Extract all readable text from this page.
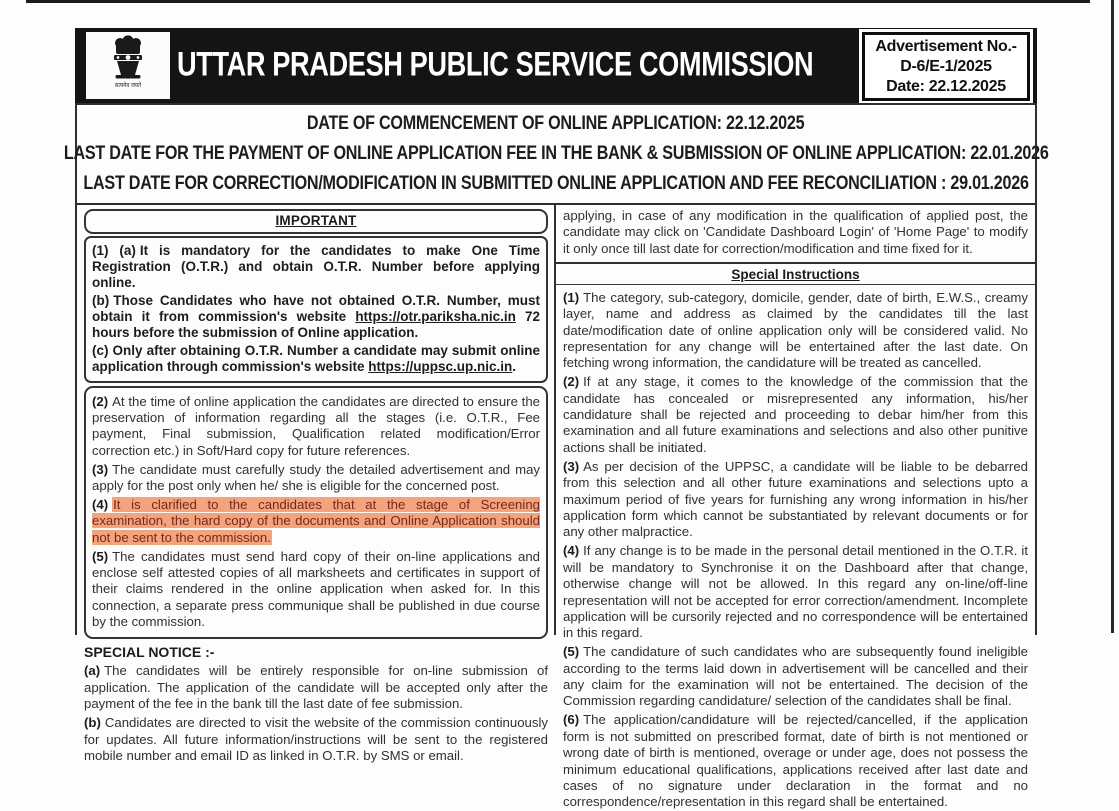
सत्यमेव जयते
UTTAR PRADESH PUBLIC SERVICE COMMISSION	Advertisement No.-
D-6/E-1/2025
Date: 22.12.2025
DATE OF COMMENCEMENT OF ONLINE APPLICATION: 22.12.2025
LAST DATE FOR THE PAYMENT OF ONLINE APPLICATION FEE IN THE BANK & SUBMISSION OF ONLINE APPLICATION: 22.01.2026
LAST DATE FOR CORRECTION/MODIFICATION IN SUBMITTED ONLINE APPLICATION AND FEE RECONCILIATION : 29.01.2026
IMPORTANT

(1) (a) It is mandatory for the candidates to make One Time Registration (O.T.R.) and obtain O.T.R. Number before applying online.

(b) Those Candidates who have not obtained O.T.R. Number, must obtain it from commission's website https://otr.pariksha.nic.in 72 hours before the submission of Online application.

(c) Only after obtaining O.T.R. Number a candidate may submit online application through commission's website https://uppsc.up.nic.in.

(2) At the time of online application the candidates are directed to ensure the preservation of information regarding all the stages (i.e. O.T.R., Fee payment, Final submission, Qualification related modification/Error correction etc.) in Soft/Hard copy for future references.

(3) The candidate must carefully study the detailed advertisement and may apply for the post only when he/ she is eligible for the concerned post.

(4) It is clarified to the candidates that at the stage of Screening examination, the hard copy of the documents and Online Application should not be sent to the commission.

(5) The candidates must send hard copy of their on-line applications and enclose self attested copies of all marksheets and certificates in support of their claims rendered in the online application when asked for. In this connection, a separate press communique shall be published in due course by the commission.

SPECIAL NOTICE :-

(a) The candidates will be entirely responsible for on-line submission of application. The application of the candidate will be accepted only after the payment of the fee in the bank till the last date of fee submission.

(b) Candidates are directed to visit the website of the commission continuously for updates. All future information/instructions will be sent to the registered mobile number and email ID as linked in O.T.R. by SMS or email.

applying, in case of any modification in the qualification of applied post, the candidate may click on 'Candidate Dashboard Login' of 'Home Page' to modify it only once till last date for correction/modification and time fixed for it.

Special Instructions

(1) The category, sub-category, domicile, gender, date of birth, E.W.S., creamy layer, name and address as claimed by the candidates till the last date/modification date of online application only will be considered valid. No representation for any change will be entertained after the last date. On fetching wrong information, the candidature will be treated as cancelled.

(2) If at any stage, it comes to the knowledge of the commission that the candidate has concealed or misrepresented any information, his/her candidature shall be rejected and proceeding to debar him/her from this examination and all future examinations and selections and also other punitive actions shall be initiated.

(3) As per decision of the UPPSC, a candidate will be liable to be debarred from this selection and all other future examinations and selections upto a maximum period of five years for furnishing any wrong information in his/her application form which cannot be substantiated by relevant documents or for any other malpractice.

(4) If any change is to be made in the personal detail mentioned in the O.T.R. it will be mandatory to Synchronise it on the Dashboard after that change, otherwise change will not be allowed. In this regard any on-line/off-line representation will not be accepted for error correction/amendment. Incomplete application will be cursorily rejected and no correspondence will be entertained in this regard.

(5) The candidature of such candidates who are subsequently found ineligible according to the terms laid down in advertisement will be cancelled and their any claim for the examination will not be entertained. The decision of the Commission regarding candidature/ selection of the candidates shall be final.

(6) The application/candidature will be rejected/cancelled, if the application form is not submitted on prescribed format, date of birth is not mentioned or wrong date of birth is mentioned, overage or under age, does not possess the minimum educational qualifications, applications received after last date and cases of no signature under declaration in the format and no correspondence/representation in this regard shall be entertained.
